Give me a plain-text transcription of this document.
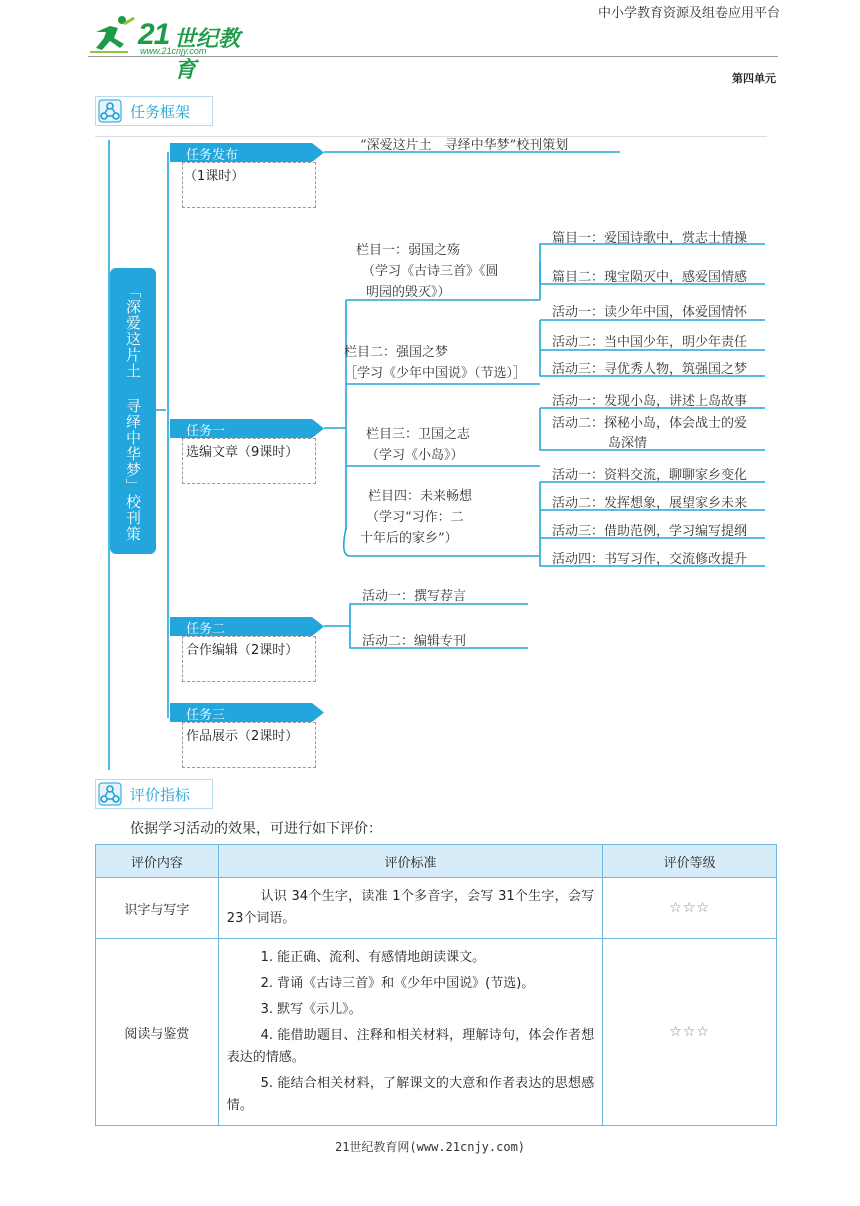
21 世纪教育
www.21cnjy.com
中小学教育资源及组卷应用平台
第四单元
任务框架
「深爱这片土 寻绎中华梦」校刊策划
任务发布
（1课时）
“深爱这片土　寻绎中华梦”校刊策划
任务一
选编文章（9课时）
任务二
合作编辑（2课时）
任务三
作品展示（2课时）
栏目一：弱国之殇
（学习《古诗三首》《圆
明园的毁灭》）
篇目一：爱国诗歌中，赏志士情操
篇目二：瑰宝陨灭中，感爱国情感
栏目二：强国之梦
［学习《少年中国说》（节选）］
活动一：读少年中国，体爱国情怀
活动二：当中国少年，明少年责任
活动三：寻优秀人物，筑强国之梦
栏目三：卫国之志
（学习《小岛》）
活动一：发现小岛，讲述上岛故事
活动二：探秘小岛，体会战士的爱
岛深情
栏目四：未来畅想
（学习“习作：二
十年后的家乡”）
活动一：资料交流，聊聊家乡变化
活动二：发挥想象，展望家乡未来
活动三：借助范例，学习编写提纲
活动四：书写习作，交流修改提升
活动一：撰写荐言
活动二：编辑专刊
评价指标
依据学习活动的效果，可进行如下评价：
评价内容	评价标准	评价等级
识字与写字	认识 34个生字，读准 1个多音字，会写 31个生字，会写 23个词语。	☆☆☆
阅读与鉴赏	1. 能正确、流利、有感情地朗读课文。
2. 背诵《古诗三首》和《少年中国说》(节选)。
3. 默写《示儿》。
4. 能借助题目、注释和相关材料，理解诗句，体会作者想表达的情感。
5. 能结合相关材料，了解课文的大意和作者表达的思想感情。	☆☆☆
21世纪教育网(www.21cnjy.com)
